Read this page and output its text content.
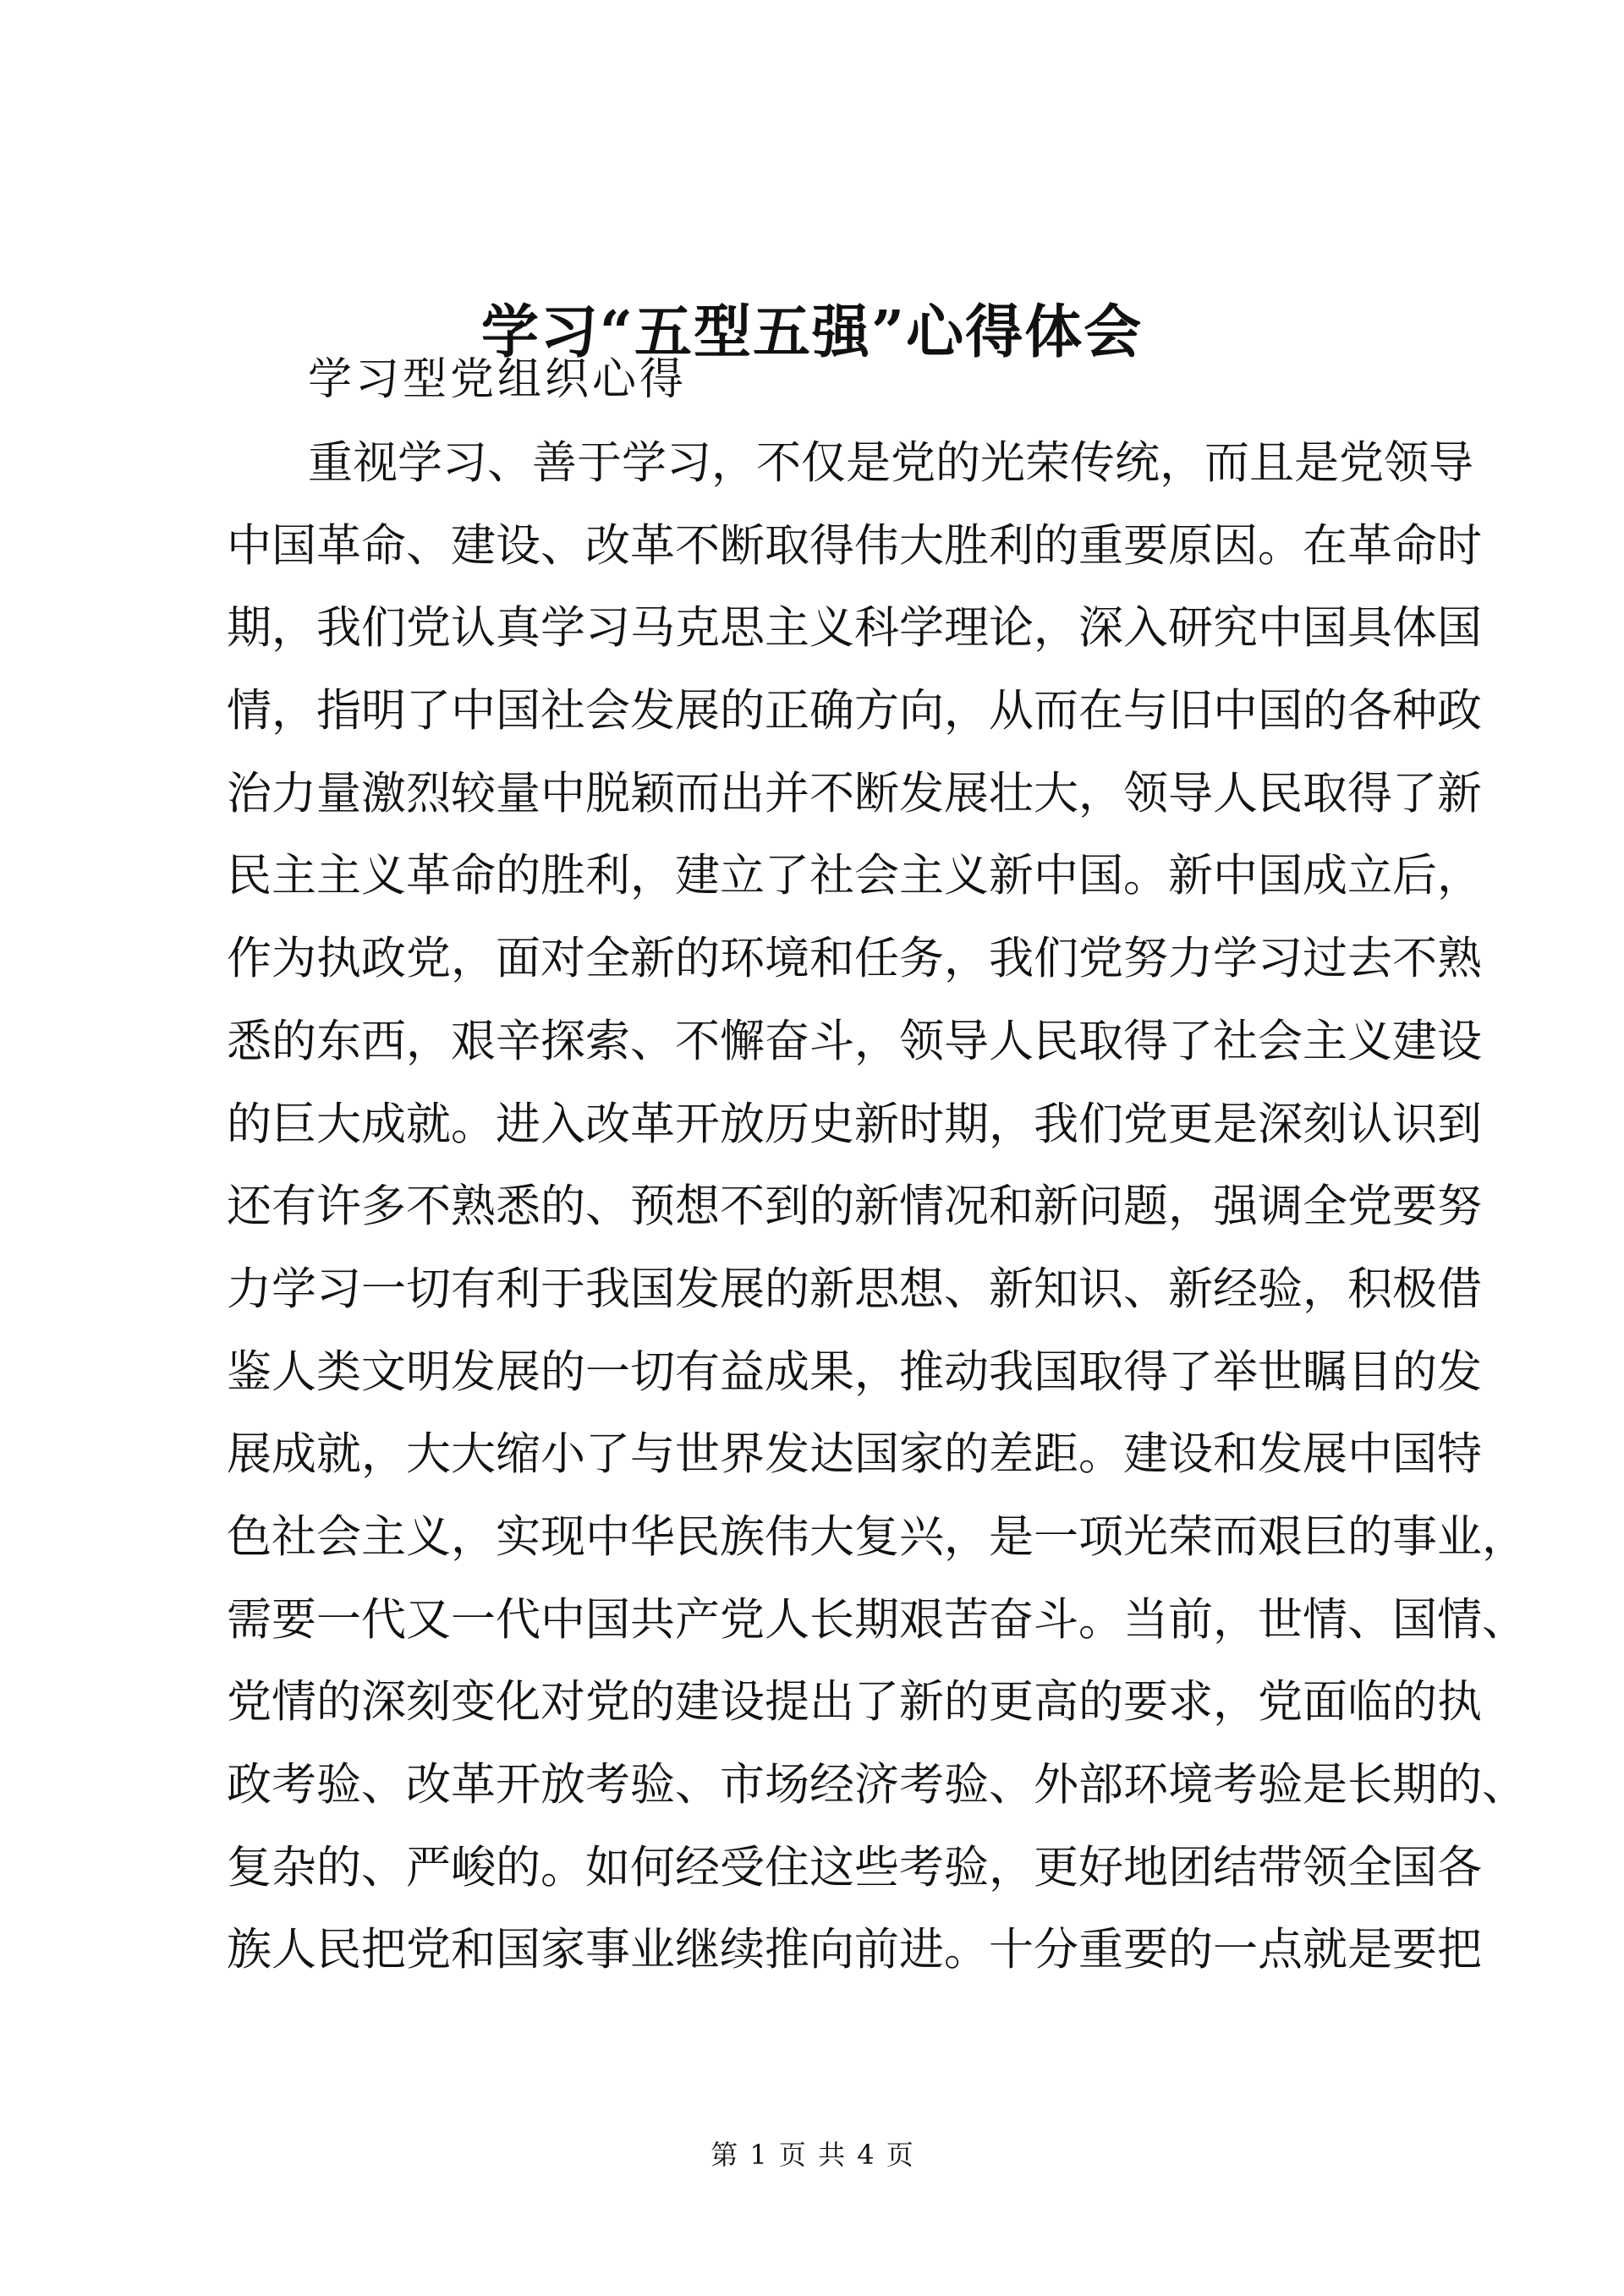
学习“五型五强”心得体会
学习型党组织心得
重视学习、善于学习，不仅是党的光荣传统，而且是党领导
中国革命、建设、改革不断取得伟大胜利的重要原因。在革命时
期，我们党认真学习马克思主义科学理论，深入研究中国具体国
情，指明了中国社会发展的正确方向，从而在与旧中国的各种政
治力量激烈较量中脱颖而出并不断发展壮大，领导人民取得了新
民主主义革命的胜利，建立了社会主义新中国。新中国成立后，
作为执政党，面对全新的环境和任务，我们党努力学习过去不熟
悉的东西，艰辛探索、不懈奋斗，领导人民取得了社会主义建设
的巨大成就。进入改革开放历史新时期，我们党更是深刻认识到
还有许多不熟悉的、预想不到的新情况和新问题，强调全党要努
力学习一切有利于我国发展的新思想、新知识、新经验，积极借
鉴人类文明发展的一切有益成果，推动我国取得了举世瞩目的发
展成就，大大缩小了与世界发达国家的差距。建设和发展中国特
色社会主义，实现中华民族伟大复兴，是一项光荣而艰巨的事业，
需要一代又一代中国共产党人长期艰苦奋斗。当前，世情、国情、
党情的深刻变化对党的建设提出了新的更高的要求，党面临的执
政考验、改革开放考验、市场经济考验、外部环境考验是长期的、
复杂的、严峻的。如何经受住这些考验，更好地团结带领全国各
族人民把党和国家事业继续推向前进。十分重要的一点就是要把
第 1 页 共 4 页
